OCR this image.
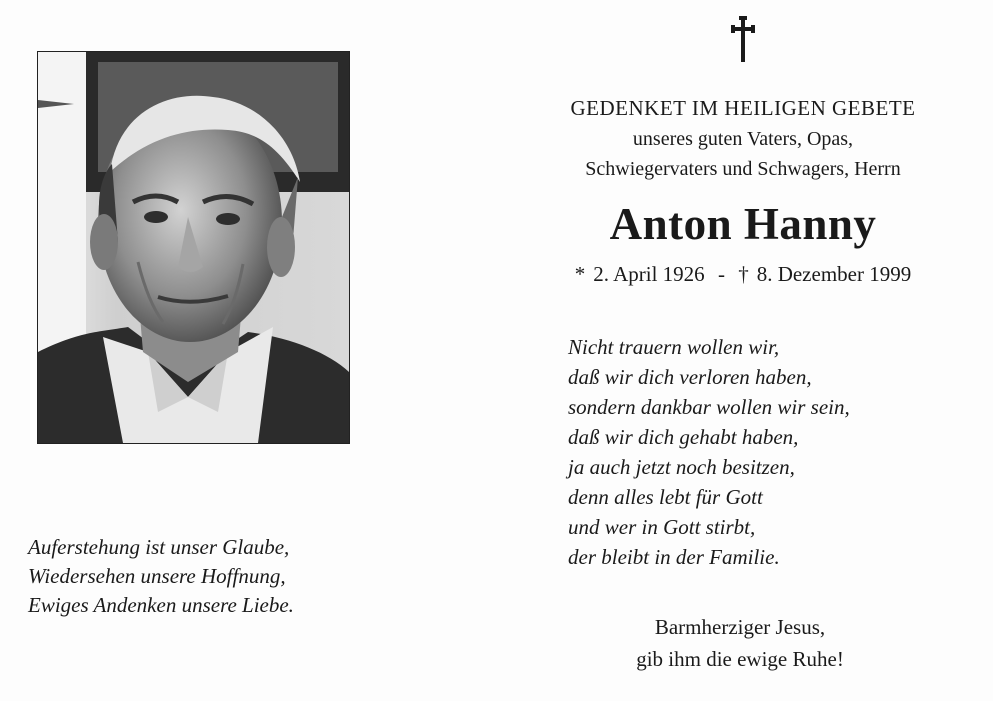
Auferstehung ist unser Glaube,
Wiedersehen unsere Hoffnung,
Ewiges Andenken unsere Liebe.
GEDENKET IM HEILIGEN GEBETE
unseres guten Vaters, Opas,
Schwiegervaters und Schwagers, Herrn
Anton Hanny
* 2. April 1926 - † 8. Dezember 1999
Nicht trauern wollen wir,
daß wir dich verloren haben,
sondern dankbar wollen wir sein,
daß wir dich gehabt haben,
ja auch jetzt noch besitzen,
denn alles lebt für Gott
und wer in Gott stirbt,
der bleibt in der Familie.
Barmherziger Jesus,
gib ihm die ewige Ruhe!
